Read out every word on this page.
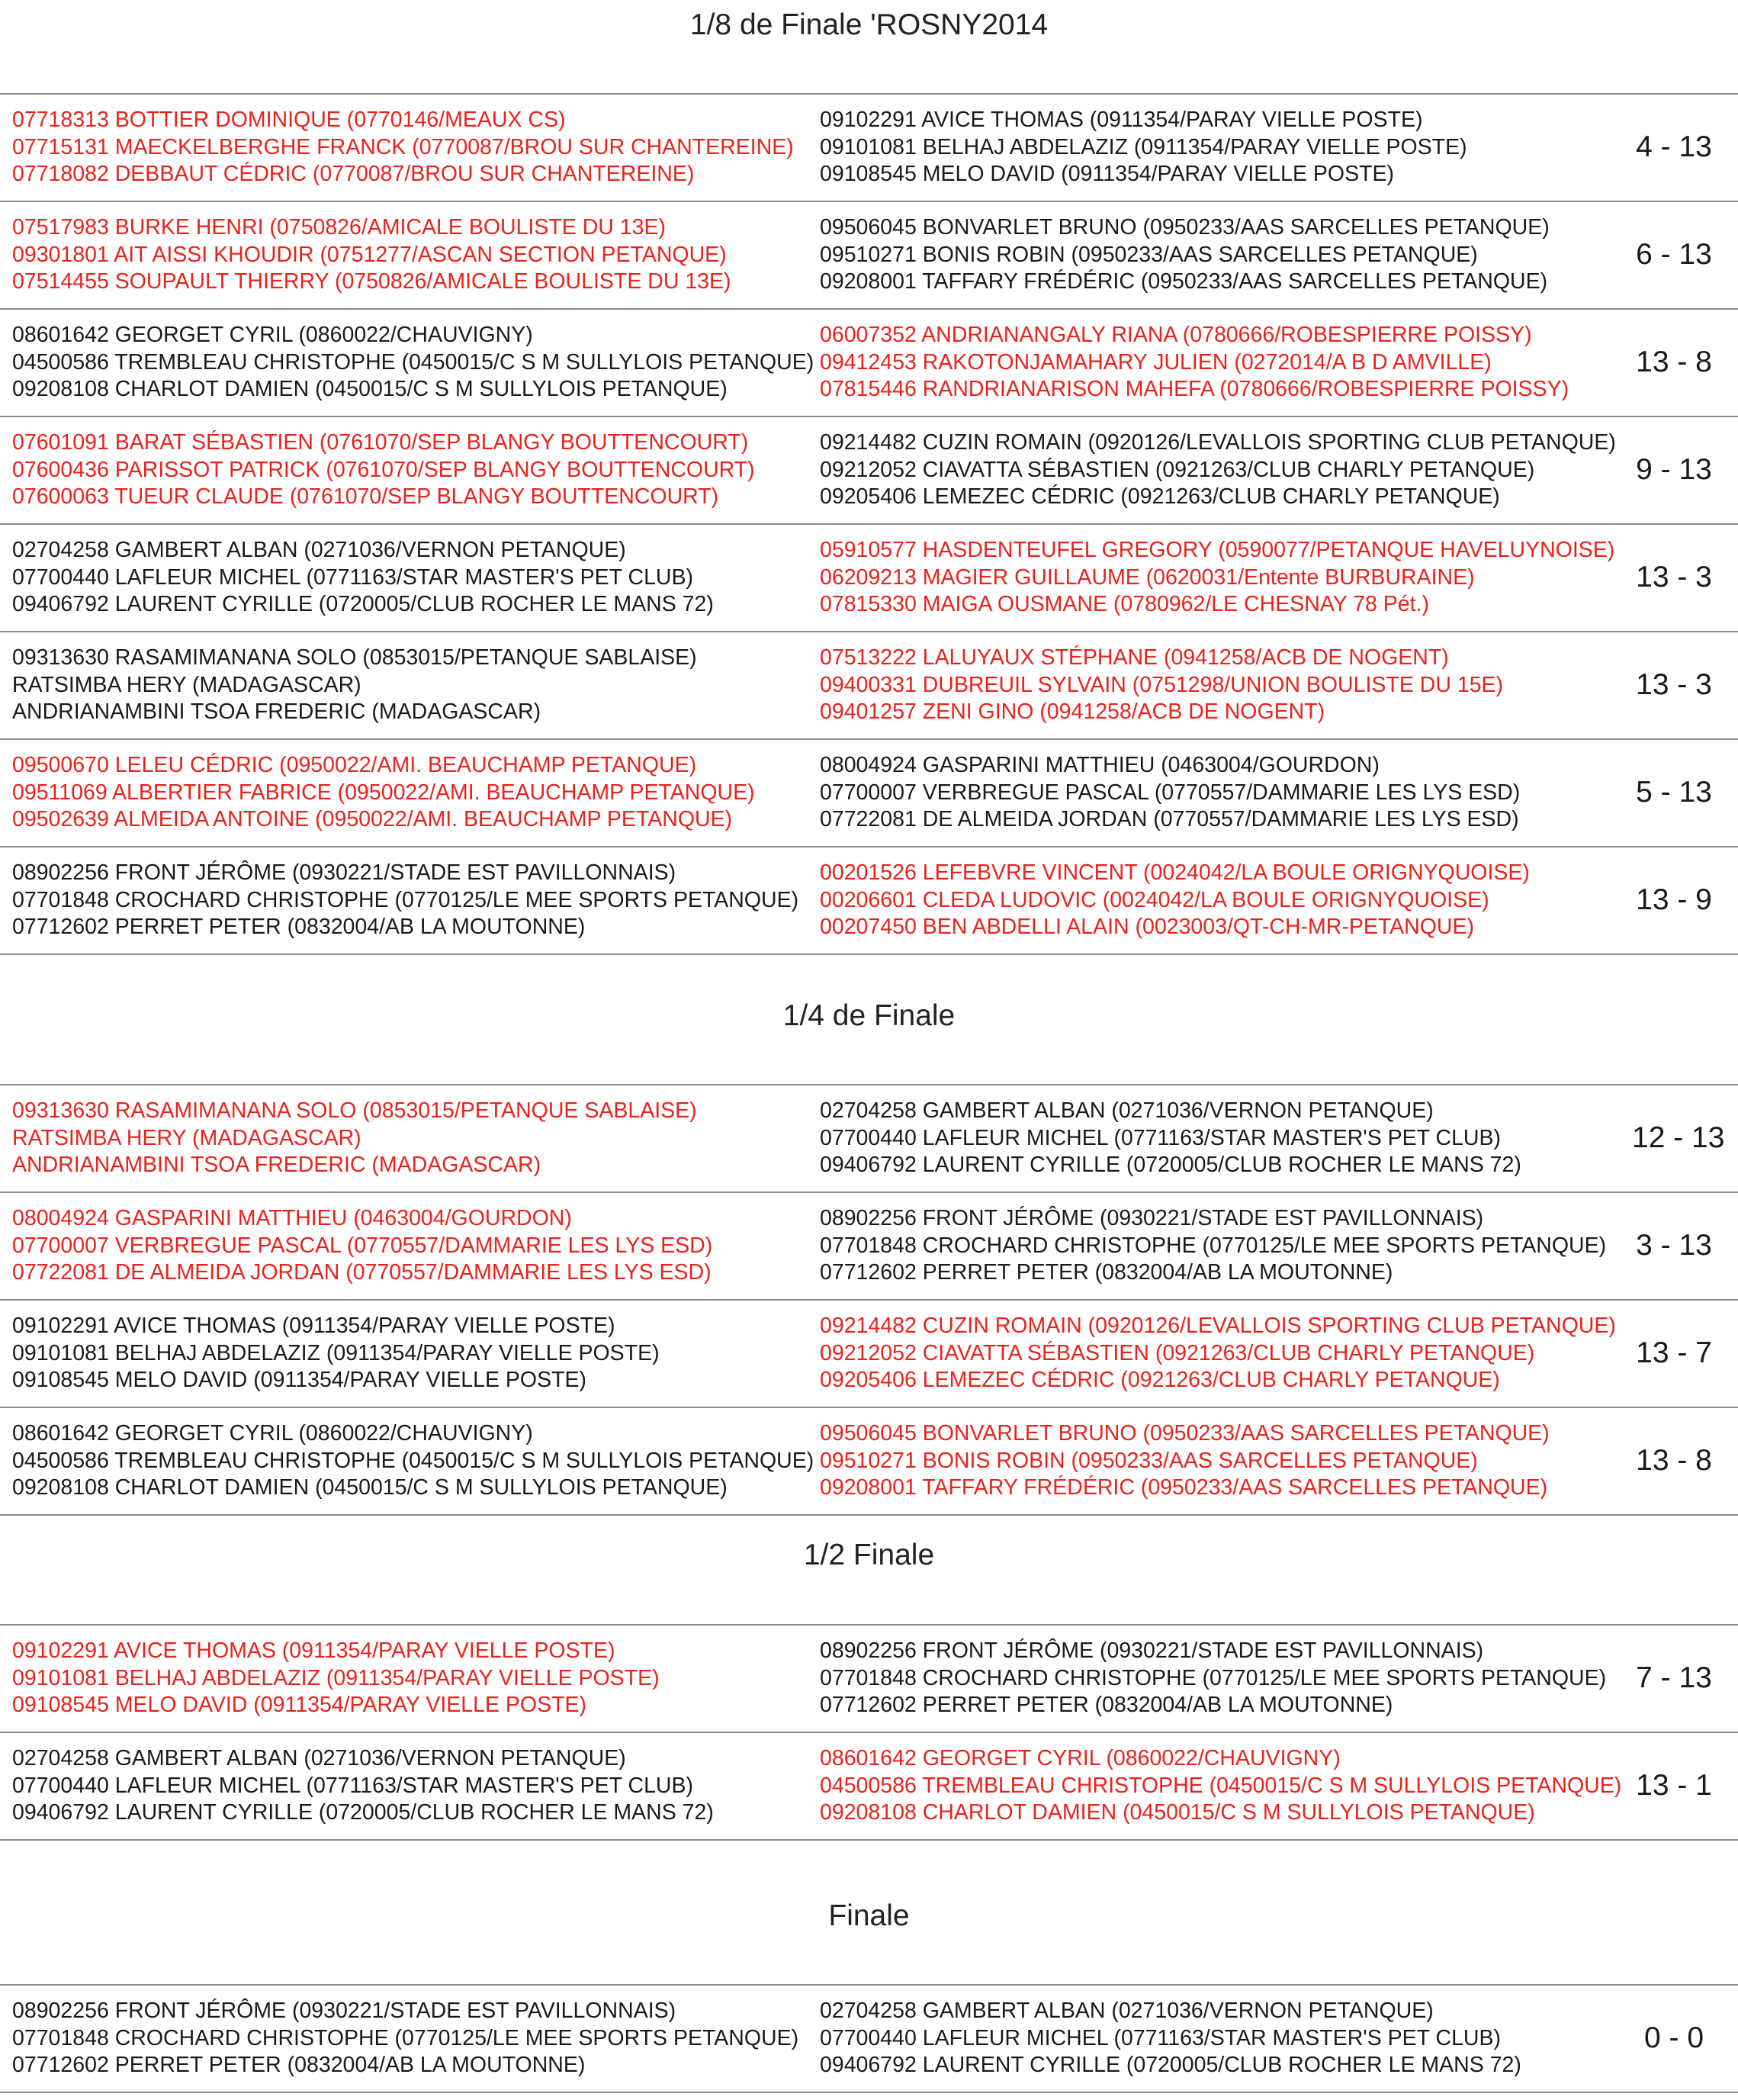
1/8 de Finale 'ROSNY2014
07718313 BOTTIER DOMINIQUE (0770146/MEAUX CS)
07715131 MAECKELBERGHE FRANCK (0770087/BROU SUR CHANTEREINE)
07718082 DEBBAUT CÉDRIC (0770087/BROU SUR CHANTEREINE)
09102291 AVICE THOMAS (0911354/PARAY VIELLE POSTE)
09101081 BELHAJ ABDELAZIZ (0911354/PARAY VIELLE POSTE)
09108545 MELO DAVID (0911354/PARAY VIELLE POSTE)
4 - 13
07517983 BURKE HENRI (0750826/AMICALE BOULISTE DU 13E)
09301801 AIT AISSI KHOUDIR (0751277/ASCAN SECTION PETANQUE)
07514455 SOUPAULT THIERRY (0750826/AMICALE BOULISTE DU 13E)
09506045 BONVARLET BRUNO (0950233/AAS SARCELLES PETANQUE)
09510271 BONIS ROBIN (0950233/AAS SARCELLES PETANQUE)
09208001 TAFFARY FRÉDÉRIC (0950233/AAS SARCELLES PETANQUE)
6 - 13
08601642 GEORGET CYRIL (0860022/CHAUVIGNY)
04500586 TREMBLEAU CHRISTOPHE (0450015/C S M SULLYLOIS PETANQUE)
09208108 CHARLOT DAMIEN (0450015/C S M SULLYLOIS PETANQUE)
06007352 ANDRIANANGALY RIANA (0780666/ROBESPIERRE POISSY)
09412453 RAKOTONJAMAHARY JULIEN (0272014/A B D AMVILLE)
07815446 RANDRIANARISON MAHEFA (0780666/ROBESPIERRE POISSY)
13 - 8
07601091 BARAT SÉBASTIEN (0761070/SEP BLANGY BOUTTENCOURT)
07600436 PARISSOT PATRICK (0761070/SEP BLANGY BOUTTENCOURT)
07600063 TUEUR CLAUDE (0761070/SEP BLANGY BOUTTENCOURT)
09214482 CUZIN ROMAIN (0920126/LEVALLOIS SPORTING CLUB PETANQUE)
09212052 CIAVATTA SÉBASTIEN (0921263/CLUB CHARLY PETANQUE)
09205406 LEMEZEC CÉDRIC (0921263/CLUB CHARLY PETANQUE)
9 - 13
02704258 GAMBERT ALBAN (0271036/VERNON PETANQUE)
07700440 LAFLEUR MICHEL (0771163/STAR MASTER'S PET CLUB)
09406792 LAURENT CYRILLE (0720005/CLUB ROCHER LE MANS 72)
05910577 HASDENTEUFEL GREGORY (0590077/PETANQUE HAVELUYNOISE)
06209213 MAGIER GUILLAUME (0620031/Entente BURBURAINE)
07815330 MAIGA OUSMANE (0780962/LE CHESNAY 78 Pét.)
13 - 3
09313630 RASAMIMANANA SOLO (0853015/PETANQUE SABLAISE)
RATSIMBA HERY (MADAGASCAR)
ANDRIANAMBINI TSOA FREDERIC (MADAGASCAR)
07513222 LALUYAUX STÉPHANE (0941258/ACB DE NOGENT)
09400331 DUBREUIL SYLVAIN (0751298/UNION BOULISTE DU 15E)
09401257 ZENI GINO (0941258/ACB DE NOGENT)
13 - 3
09500670 LELEU CÉDRIC (0950022/AMI. BEAUCHAMP PETANQUE)
09511069 ALBERTIER FABRICE (0950022/AMI. BEAUCHAMP PETANQUE)
09502639 ALMEIDA ANTOINE (0950022/AMI. BEAUCHAMP PETANQUE)
08004924 GASPARINI MATTHIEU (0463004/GOURDON)
07700007 VERBREGUE PASCAL (0770557/DAMMARIE LES LYS ESD)
07722081 DE ALMEIDA JORDAN (0770557/DAMMARIE LES LYS ESD)
5 - 13
08902256 FRONT JÉRÔME (0930221/STADE EST PAVILLONNAIS)
07701848 CROCHARD CHRISTOPHE (0770125/LE MEE SPORTS PETANQUE)
07712602 PERRET PETER (0832004/AB LA MOUTONNE)
00201526 LEFEBVRE VINCENT (0024042/LA BOULE ORIGNYQUOISE)
00206601 CLEDA LUDOVIC (0024042/LA BOULE ORIGNYQUOISE)
00207450 BEN ABDELLI ALAIN (0023003/QT-CH-MR-PETANQUE)
13 - 9
1/4 de Finale
09313630 RASAMIMANANA SOLO (0853015/PETANQUE SABLAISE)
RATSIMBA HERY (MADAGASCAR)
ANDRIANAMBINI TSOA FREDERIC (MADAGASCAR)
02704258 GAMBERT ALBAN (0271036/VERNON PETANQUE)
07700440 LAFLEUR MICHEL (0771163/STAR MASTER'S PET CLUB)
09406792 LAURENT CYRILLE (0720005/CLUB ROCHER LE MANS 72)
12 - 13
08004924 GASPARINI MATTHIEU (0463004/GOURDON)
07700007 VERBREGUE PASCAL (0770557/DAMMARIE LES LYS ESD)
07722081 DE ALMEIDA JORDAN (0770557/DAMMARIE LES LYS ESD)
08902256 FRONT JÉRÔME (0930221/STADE EST PAVILLONNAIS)
07701848 CROCHARD CHRISTOPHE (0770125/LE MEE SPORTS PETANQUE)
07712602 PERRET PETER (0832004/AB LA MOUTONNE)
3 - 13
09102291 AVICE THOMAS (0911354/PARAY VIELLE POSTE)
09101081 BELHAJ ABDELAZIZ (0911354/PARAY VIELLE POSTE)
09108545 MELO DAVID (0911354/PARAY VIELLE POSTE)
09214482 CUZIN ROMAIN (0920126/LEVALLOIS SPORTING CLUB PETANQUE)
09212052 CIAVATTA SÉBASTIEN (0921263/CLUB CHARLY PETANQUE)
09205406 LEMEZEC CÉDRIC (0921263/CLUB CHARLY PETANQUE)
13 - 7
08601642 GEORGET CYRIL (0860022/CHAUVIGNY)
04500586 TREMBLEAU CHRISTOPHE (0450015/C S M SULLYLOIS PETANQUE)
09208108 CHARLOT DAMIEN (0450015/C S M SULLYLOIS PETANQUE)
09506045 BONVARLET BRUNO (0950233/AAS SARCELLES PETANQUE)
09510271 BONIS ROBIN (0950233/AAS SARCELLES PETANQUE)
09208001 TAFFARY FRÉDÉRIC (0950233/AAS SARCELLES PETANQUE)
13 - 8
1/2 Finale
09102291 AVICE THOMAS (0911354/PARAY VIELLE POSTE)
09101081 BELHAJ ABDELAZIZ (0911354/PARAY VIELLE POSTE)
09108545 MELO DAVID (0911354/PARAY VIELLE POSTE)
08902256 FRONT JÉRÔME (0930221/STADE EST PAVILLONNAIS)
07701848 CROCHARD CHRISTOPHE (0770125/LE MEE SPORTS PETANQUE)
07712602 PERRET PETER (0832004/AB LA MOUTONNE)
7 - 13
02704258 GAMBERT ALBAN (0271036/VERNON PETANQUE)
07700440 LAFLEUR MICHEL (0771163/STAR MASTER'S PET CLUB)
09406792 LAURENT CYRILLE (0720005/CLUB ROCHER LE MANS 72)
08601642 GEORGET CYRIL (0860022/CHAUVIGNY)
04500586 TREMBLEAU CHRISTOPHE (0450015/C S M SULLYLOIS PETANQUE)
09208108 CHARLOT DAMIEN (0450015/C S M SULLYLOIS PETANQUE)
13 - 1
Finale
08902256 FRONT JÉRÔME (0930221/STADE EST PAVILLONNAIS)
07701848 CROCHARD CHRISTOPHE (0770125/LE MEE SPORTS PETANQUE)
07712602 PERRET PETER (0832004/AB LA MOUTONNE)
02704258 GAMBERT ALBAN (0271036/VERNON PETANQUE)
07700440 LAFLEUR MICHEL (0771163/STAR MASTER'S PET CLUB)
09406792 LAURENT CYRILLE (0720005/CLUB ROCHER LE MANS 72)
0 - 0
